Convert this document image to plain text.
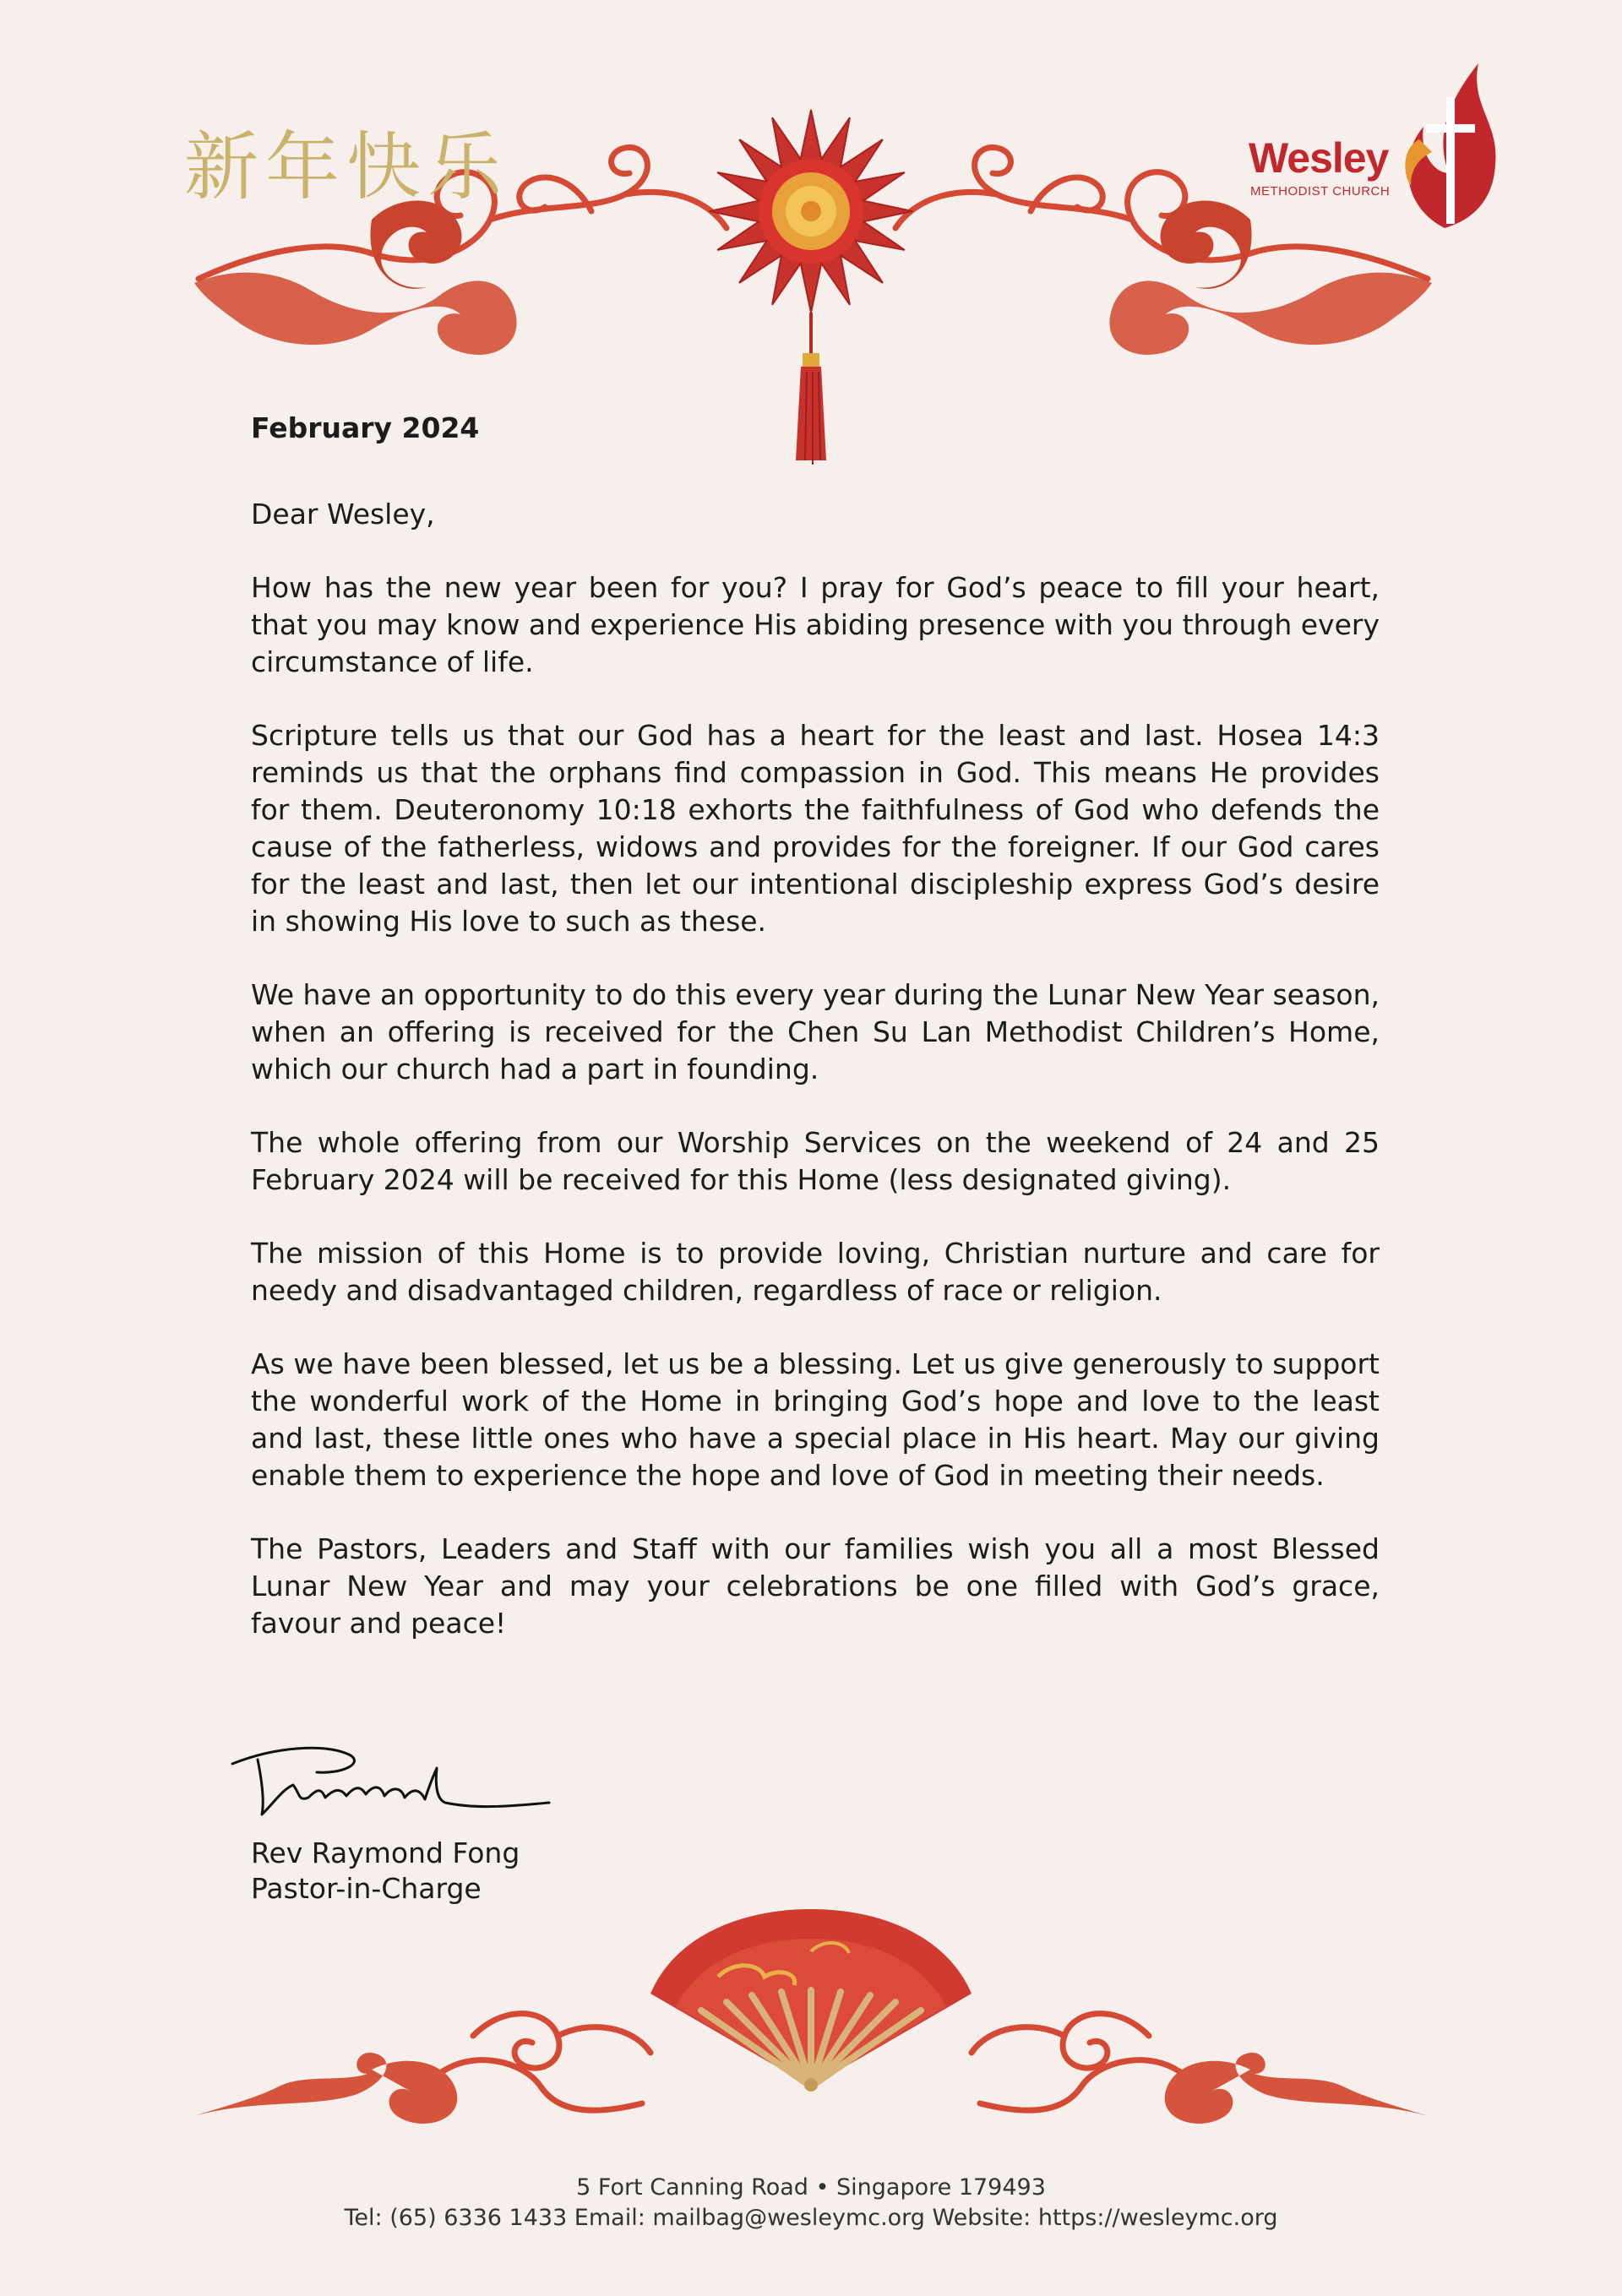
新年快乐	Wesley
METHODIST CHURCH

February 2024

Dear Wesley,

How has the new year been for you? I pray for God’s peace to fill your heart, that you may know and experience His abiding presence with you through every circumstance of life.

Scripture tells us that our God has a heart for the least and last. Hosea 14:3 reminds us that the orphans find compassion in God. This means He provides for them. Deuteronomy 10:18 exhorts the faithfulness of God who defends the cause of the fatherless, widows and provides for the foreigner. If our God cares for the least and last, then let our intentional discipleship express God’s desire in showing His love to such as these.

We have an opportunity to do this every year during the Lunar New Year season, when an offering is received for the Chen Su Lan Methodist Children’s Home, which our church had a part in founding.

The whole offering from our Worship Services on the weekend of 24 and 25 February 2024 will be received for this Home (less designated giving).

The mission of this Home is to provide loving, Christian nurture and care for needy and disadvantaged children, regardless of race or religion.

As we have been blessed, let us be a blessing. Let us give generously to support the wonderful work of the Home in bringing God’s hope and love to the least and last, these little ones who have a special place in His heart. May our giving enable them to experience the hope and love of God in meeting their needs.

The Pastors, Leaders and Staff with our families wish you all a most Blessed Lunar New Year and may your celebrations be one filled with God’s grace, favour and peace!

Rev Raymond Fong
Pastor-in-Charge
5 Fort Canning Road • Singapore 179493
Tel: (65) 6336 1433 Email: mailbag@wesleymc.org Website: https://wesleymc.org
